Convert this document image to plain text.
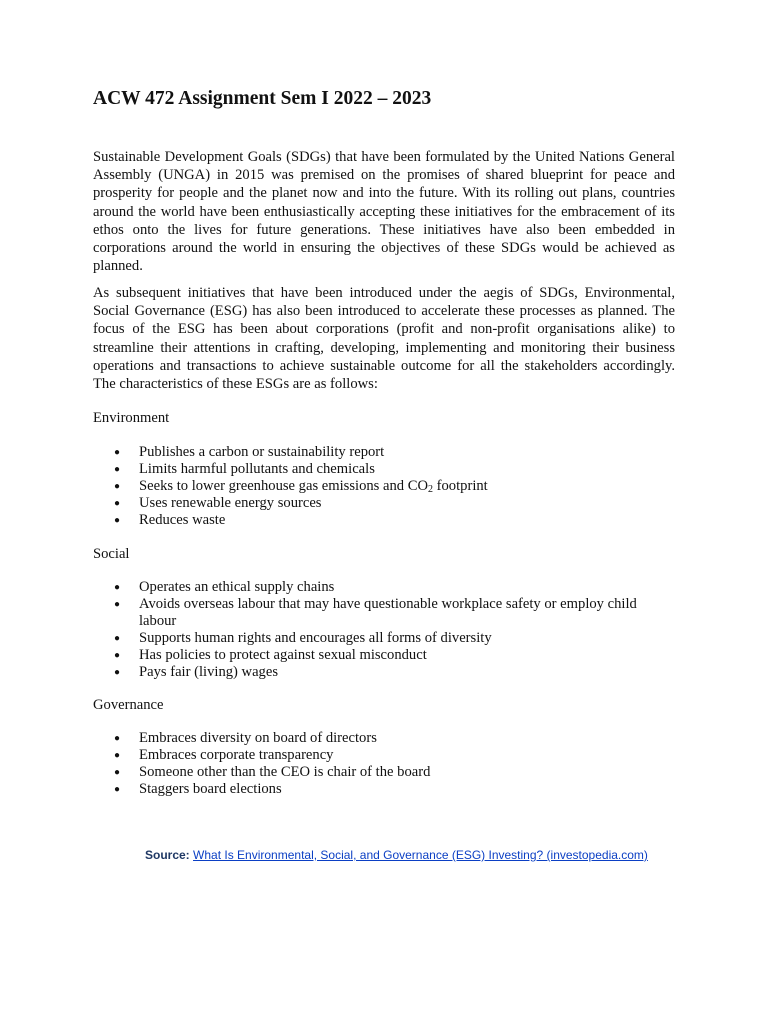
ACW 472 Assignment Sem I 2022 – 2023

Sustainable Development Goals (SDGs) that have been formulated by the United Nations General Assembly (UNGA) in 2015 was premised on the promises of shared blueprint for peace and prosperity for people and the planet now and into the future. With its rolling out plans, countries around the world have been enthusiastically accepting these initiatives for the embracement of its ethos onto the lives for future generations. These initiatives have also been embedded in corporations around the world in ensuring the objectives of these SDGs would be achieved as planned.

As subsequent initiatives that have been introduced under the aegis of SDGs, Environmental, Social Governance (ESG) has also been introduced to accelerate these processes as planned. The focus of the ESG has been about corporations (profit and non-profit organisations alike) to streamline their attentions in crafting, developing, implementing and monitoring their business operations and transactions to achieve sustainable outcome for all the stakeholders accordingly. The characteristics of these ESGs are as follows:

Environment

● Publishes a carbon or sustainability report
● Limits harmful pollutants and chemicals
● Seeks to lower greenhouse gas emissions and $CO_2$ footprint
● Uses renewable energy sources
● Reduces waste

Social

● Operates an ethical supply chains
● Avoids overseas labour that may have questionable workplace safety or employ child labour
● Supports human rights and encourages all forms of diversity
● Has policies to protect against sexual misconduct
● Pays fair (living) wages

Governance

● Embraces diversity on board of directors
● Embraces corporate transparency
● Someone other than the CEO is chair of the board
● Staggers board elections
Source: What Is Environmental, Social, and Governance (ESG) Investing? (investopedia.com)
